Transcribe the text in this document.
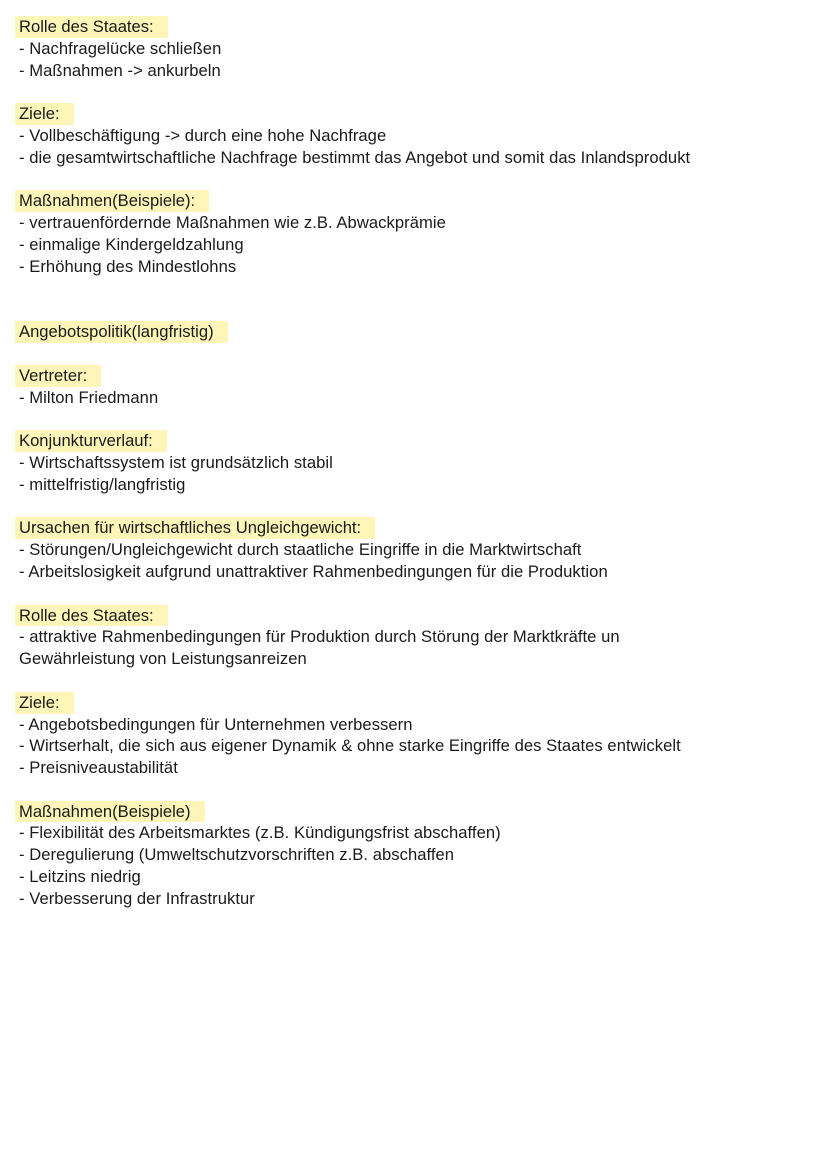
Rolle des Staates:
- Nachfragelücke schließen
- Maßnahmen -> ankurbeln
Ziele:
- Vollbeschäftigung -> durch eine hohe Nachfrage
- die gesamtwirtschaftliche Nachfrage bestimmt das Angebot und somit das Inlandsprodukt
Maßnahmen(Beispiele):
- vertrauenfördernde Maßnahmen wie z.B. Abwackprämie
- einmalige Kindergeldzahlung
- Erhöhung des Mindestlohns
Angebotspolitik(langfristig)
Vertreter:
- Milton Friedmann
Konjunkturverlauf:
- Wirtschaftssystem ist grundsätzlich stabil
- mittelfristig/langfristig
Ursachen für wirtschaftliches Ungleichgewicht:
- Störungen/Ungleichgewicht durch staatliche Eingriffe in die Marktwirtschaft
- Arbeitslosigkeit aufgrund unattraktiver Rahmenbedingungen für die Produktion
Rolle des Staates:
- attraktive Rahmenbedingungen für Produktion durch Störung der Marktkräfte un
Gewährleistung von Leistungsanreizen
Ziele:
- Angebotsbedingungen für Unternehmen verbessern
- Wirtserhalt, die sich aus eigener Dynamik & ohne starke Eingriffe des Staates entwickelt
- Preisniveaustabilität
Maßnahmen(Beispiele)
- Flexibilität des Arbeitsmarktes (z.B. Kündigungsfrist abschaffen)
- Deregulierung (Umweltschutzvorschriften z.B. abschaffen
- Leitzins niedrig
- Verbesserung der Infrastruktur
